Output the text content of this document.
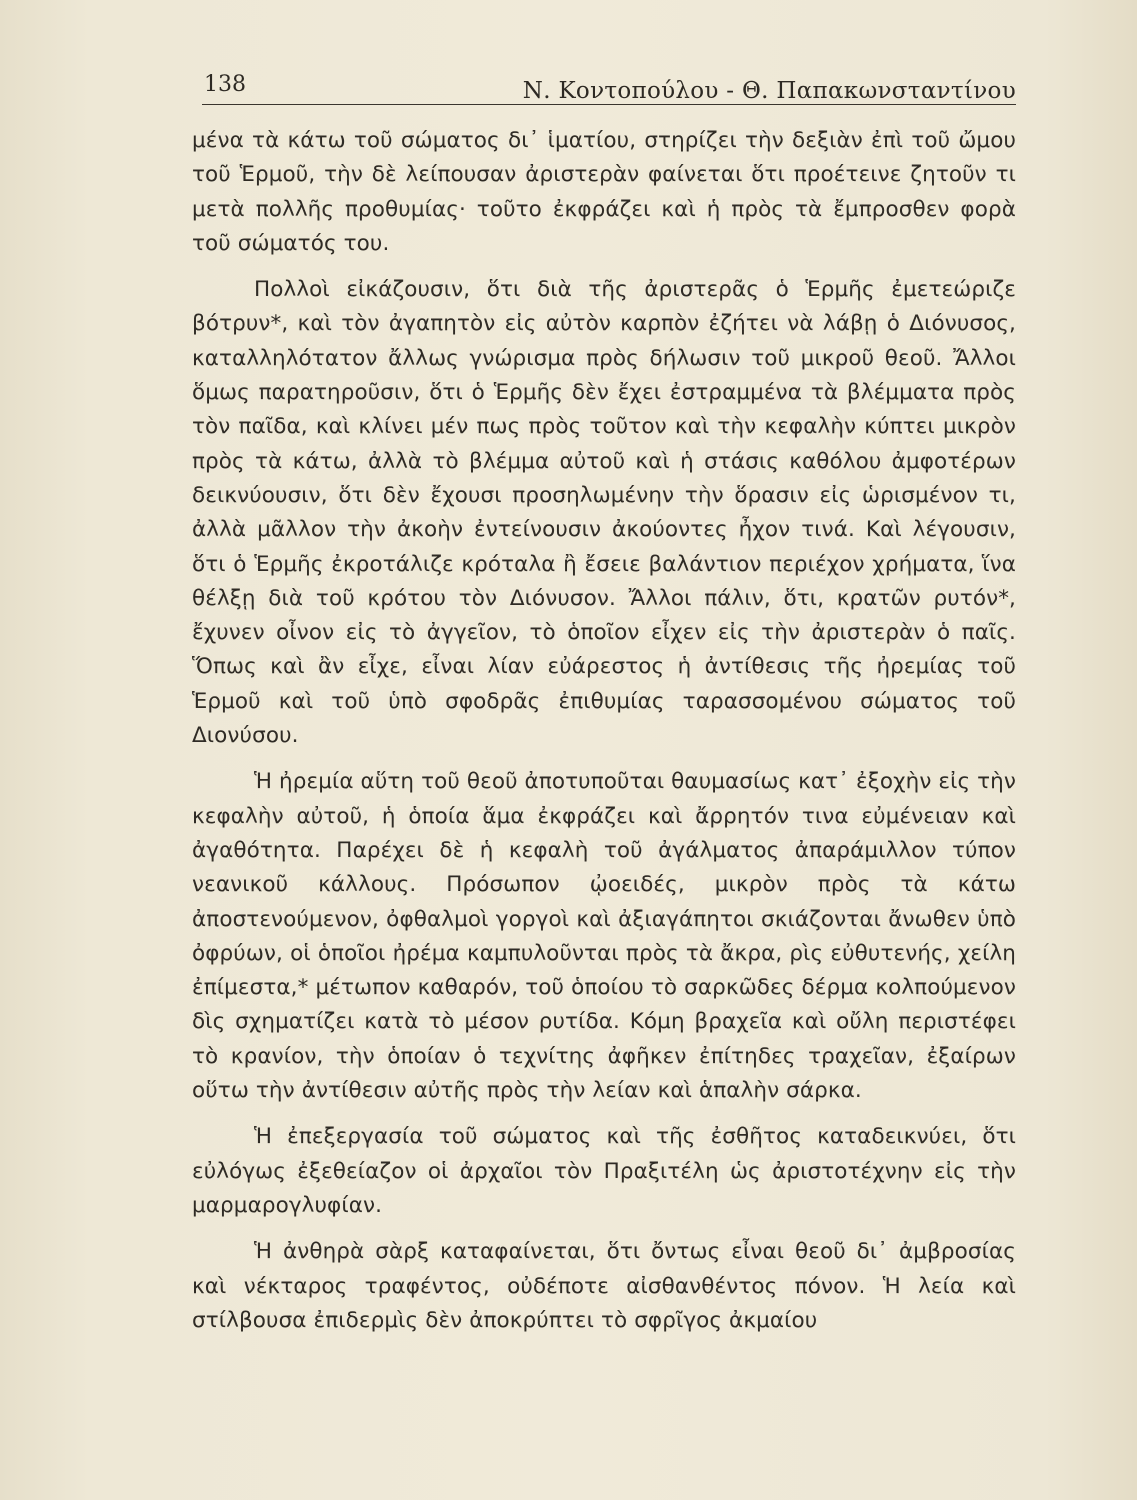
138	Ν. Κοντοπούλου - Θ. Παπακωνσταντίνου

μένα τὰ κάτω τοῦ σώματος δι᾽ ἱματίου, στηρίζει τὴν δεξιὰν ἐπὶ τοῦ ὤμου τοῦ Ἑρμοῦ, τὴν δὲ λείπουσαν ἀριστερὰν φαίνεται ὅτι προέτεινε ζητοῦν τι μετὰ πολλῆς προθυμίας· τοῦτο ἐκφράζει καὶ ἡ πρὸς τὰ ἔμπροσθεν φορὰ τοῦ σώματός του.

Πολλοὶ εἰκάζουσιν, ὅτι διὰ τῆς ἀριστερᾶς ὁ Ἑρμῆς ἐμετεώριζε βότρυν*, καὶ τὸν ἀγαπητὸν εἰς αὐτὸν καρπὸν ἐζήτει νὰ λάβῃ ὁ Διόνυσος, καταλληλότατον ἄλλως γνώρισμα πρὸς δήλωσιν τοῦ μικροῦ θεοῦ. Ἄλλοι ὅμως παρατηροῦσιν, ὅτι ὁ Ἑρμῆς δὲν ἔχει ἐστραμμένα τὰ βλέμματα πρὸς τὸν παῖδα, καὶ κλίνει μέν πως πρὸς τοῦτον καὶ τὴν κεφαλὴν κύπτει μικρὸν πρὸς τὰ κάτω, ἀλλὰ τὸ βλέμμα αὐτοῦ καὶ ἡ στάσις καθόλου ἀμφοτέρων δεικνύουσιν, ὅτι δὲν ἔχουσι προσηλωμένην τὴν ὅρασιν εἰς ὡρισμένον τι, ἀλλὰ μᾶλλον τὴν ἀκοὴν ἐντείνουσιν ἀκούοντες ἦχον τινά. Καὶ λέγουσιν, ὅτι ὁ Ἑρμῆς ἐκροτάλιζε κρόταλα ἢ ἔσειε βαλάντιον περιέχον χρήματα, ἵνα θέλξῃ διὰ τοῦ κρότου τὸν Διόνυσον. Ἄλλοι πάλιν, ὅτι, κρατῶν ρυτόν*, ἔχυνεν οἶνον εἰς τὸ ἀγγεῖον, τὸ ὁποῖον εἶχεν εἰς τὴν ἀριστερὰν ὁ παῖς. Ὅπως καὶ ἂν εἶχε, εἶναι λίαν εὐάρεστος ἡ ἀντίθεσις τῆς ἠρεμίας τοῦ Ἑρμοῦ καὶ τοῦ ὑπὸ σφοδρᾶς ἐπιθυμίας ταρασσομένου σώματος τοῦ Διονύσου.

Ἡ ἠρεμία αὕτη τοῦ θεοῦ ἀποτυποῦται θαυμασίως κατ᾽ ἐξοχὴν εἰς τὴν κεφαλὴν αὐτοῦ, ἡ ὁποία ἅμα ἐκφράζει καὶ ἄρρητόν τινα εὐμένειαν καὶ ἀγαθότητα. Παρέχει δὲ ἡ κεφαλὴ τοῦ ἀγάλματος ἀπαράμιλλον τύπον νεανικοῦ κάλλους. Πρόσωπον ᾠοειδές, μικρὸν πρὸς τὰ κάτω ἀποστενούμενον, ὀφθαλμοὶ γοργοὶ καὶ ἀξιαγάπητοι σκιάζονται ἄνωθεν ὑπὸ ὀφρύων, οἱ ὁποῖοι ἠρέμα καμπυλοῦνται πρὸς τὰ ἄκρα, ρὶς εὐθυτενής, χείλη ἐπίμεστα,* μέτωπον καθαρόν, τοῦ ὁποίου τὸ σαρκῶδες δέρμα κολπούμενον δὶς σχηματίζει κατὰ τὸ μέσον ρυτίδα. Κόμη βραχεῖα καὶ οὔλη περιστέφει τὸ κρανίον, τὴν ὁποίαν ὁ τεχνίτης ἀφῆκεν ἐπίτηδες τραχεῖαν, ἐξαίρων οὕτω τὴν ἀντίθεσιν αὐτῆς πρὸς τὴν λείαν καὶ ἁπαλὴν σάρκα.

Ἡ ἐπεξεργασία τοῦ σώματος καὶ τῆς ἐσθῆτος καταδεικνύει, ὅτι εὐλόγως ἐξεθείαζον οἱ ἀρχαῖοι τὸν Πραξιτέλη ὡς ἀριστοτέχνην εἰς τὴν μαρμαρογλυφίαν.

Ἡ ἀνθηρὰ σὰρξ καταφαίνεται, ὅτι ὄντως εἶναι θεοῦ δι᾽ ἀμβροσίας καὶ νέκταρος τραφέντος, οὐδέποτε αἰσθανθέντος πόνον. Ἡ λεία καὶ στίλβουσα ἐπιδερμὶς δὲν ἀποκρύπτει τὸ σφρῖγος ἀκμαίου
